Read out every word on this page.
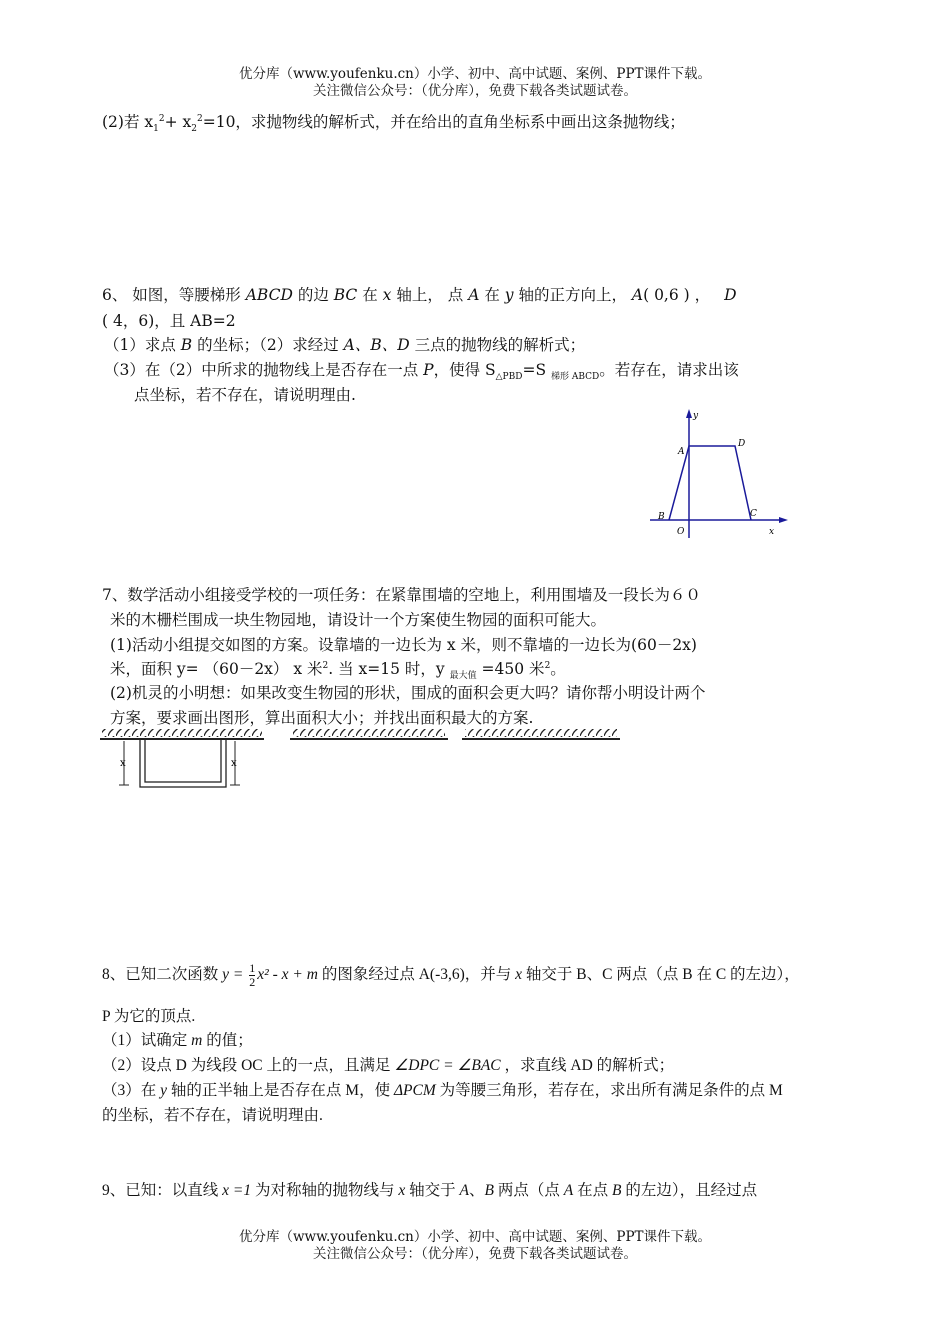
优分库（www.youfenku.cn）小学、初中、高中试题、案例、PPT课件下载。
关注微信公众号：（优分库），免费下载各类试题试卷。
(2)若 $x_1^2+ x_2^2=10$，求抛物线的解析式，并在给出的直角坐标系中画出这条抛物线；
6、 如图，等腰梯形 ABCD 的边 BC 在 x 轴上， 点 A 在 y 轴的正方向上， A( 0,6 ) ， D
( 4，6)，且 AB=2
（1）求点 B 的坐标；（2）求经过 A、B、D 三点的抛物线的解析式；
（3）在（2）中所求的抛物线上是否存在一点 P，使得 $S_{\triangle PBD}=S$ $_{梯形 ABCD}$。若存在，请求出该
点坐标，若不存在，请说明理由.
y
A
D
B
O
C
x
7、数学活动小组接受学校的一项任务：在紧靠围墙的空地上，利用围墙及一段长为６０
米的木栅栏围成一块生物园地，请设计一个方案使生物园的面积可能大。
(1)活动小组提交如图的方案。设靠墙的一边长为 x 米，则不靠墙的一边长为(60－2x)
米，面积 y= （60－2x） x 米$^2$. 当 x=15 时，y $_{最大值}$ =450 米$^2$。
(2)机灵的小明想：如果改变生物园的形状，围成的面积会更大吗？请你帮小明设计两个
方案，要求画出图形，算出面积大小；并找出面积最大的方案.
x	x
8、已知二次函数 $y = \frac{1}{2} x^2 - x + m$ 的图象经过点 A(-3,6)，并与 x 轴交于 B、C 两点（点 B 在 C 的左边），
P 为它的顶点.
（1）试确定 m 的值；
（2）设点 D 为线段 OC 上的一点，且满足 ∠DPC = ∠BAC ，求直线 AD 的解析式；
（3）在 y 轴的正半轴上是否存在点 M，使 ΔPCM 为等腰三角形，若存在，求出所有满足条件的点 M
的坐标，若不存在，请说明理由.
9、已知：以直线 x =1 为对称轴的抛物线与 x 轴交于 A、B 两点（点 A 在点 B 的左边），且经过点
优分库（www.youfenku.cn）小学、初中、高中试题、案例、PPT课件下载。
关注微信公众号：（优分库），免费下载各类试题试卷。
